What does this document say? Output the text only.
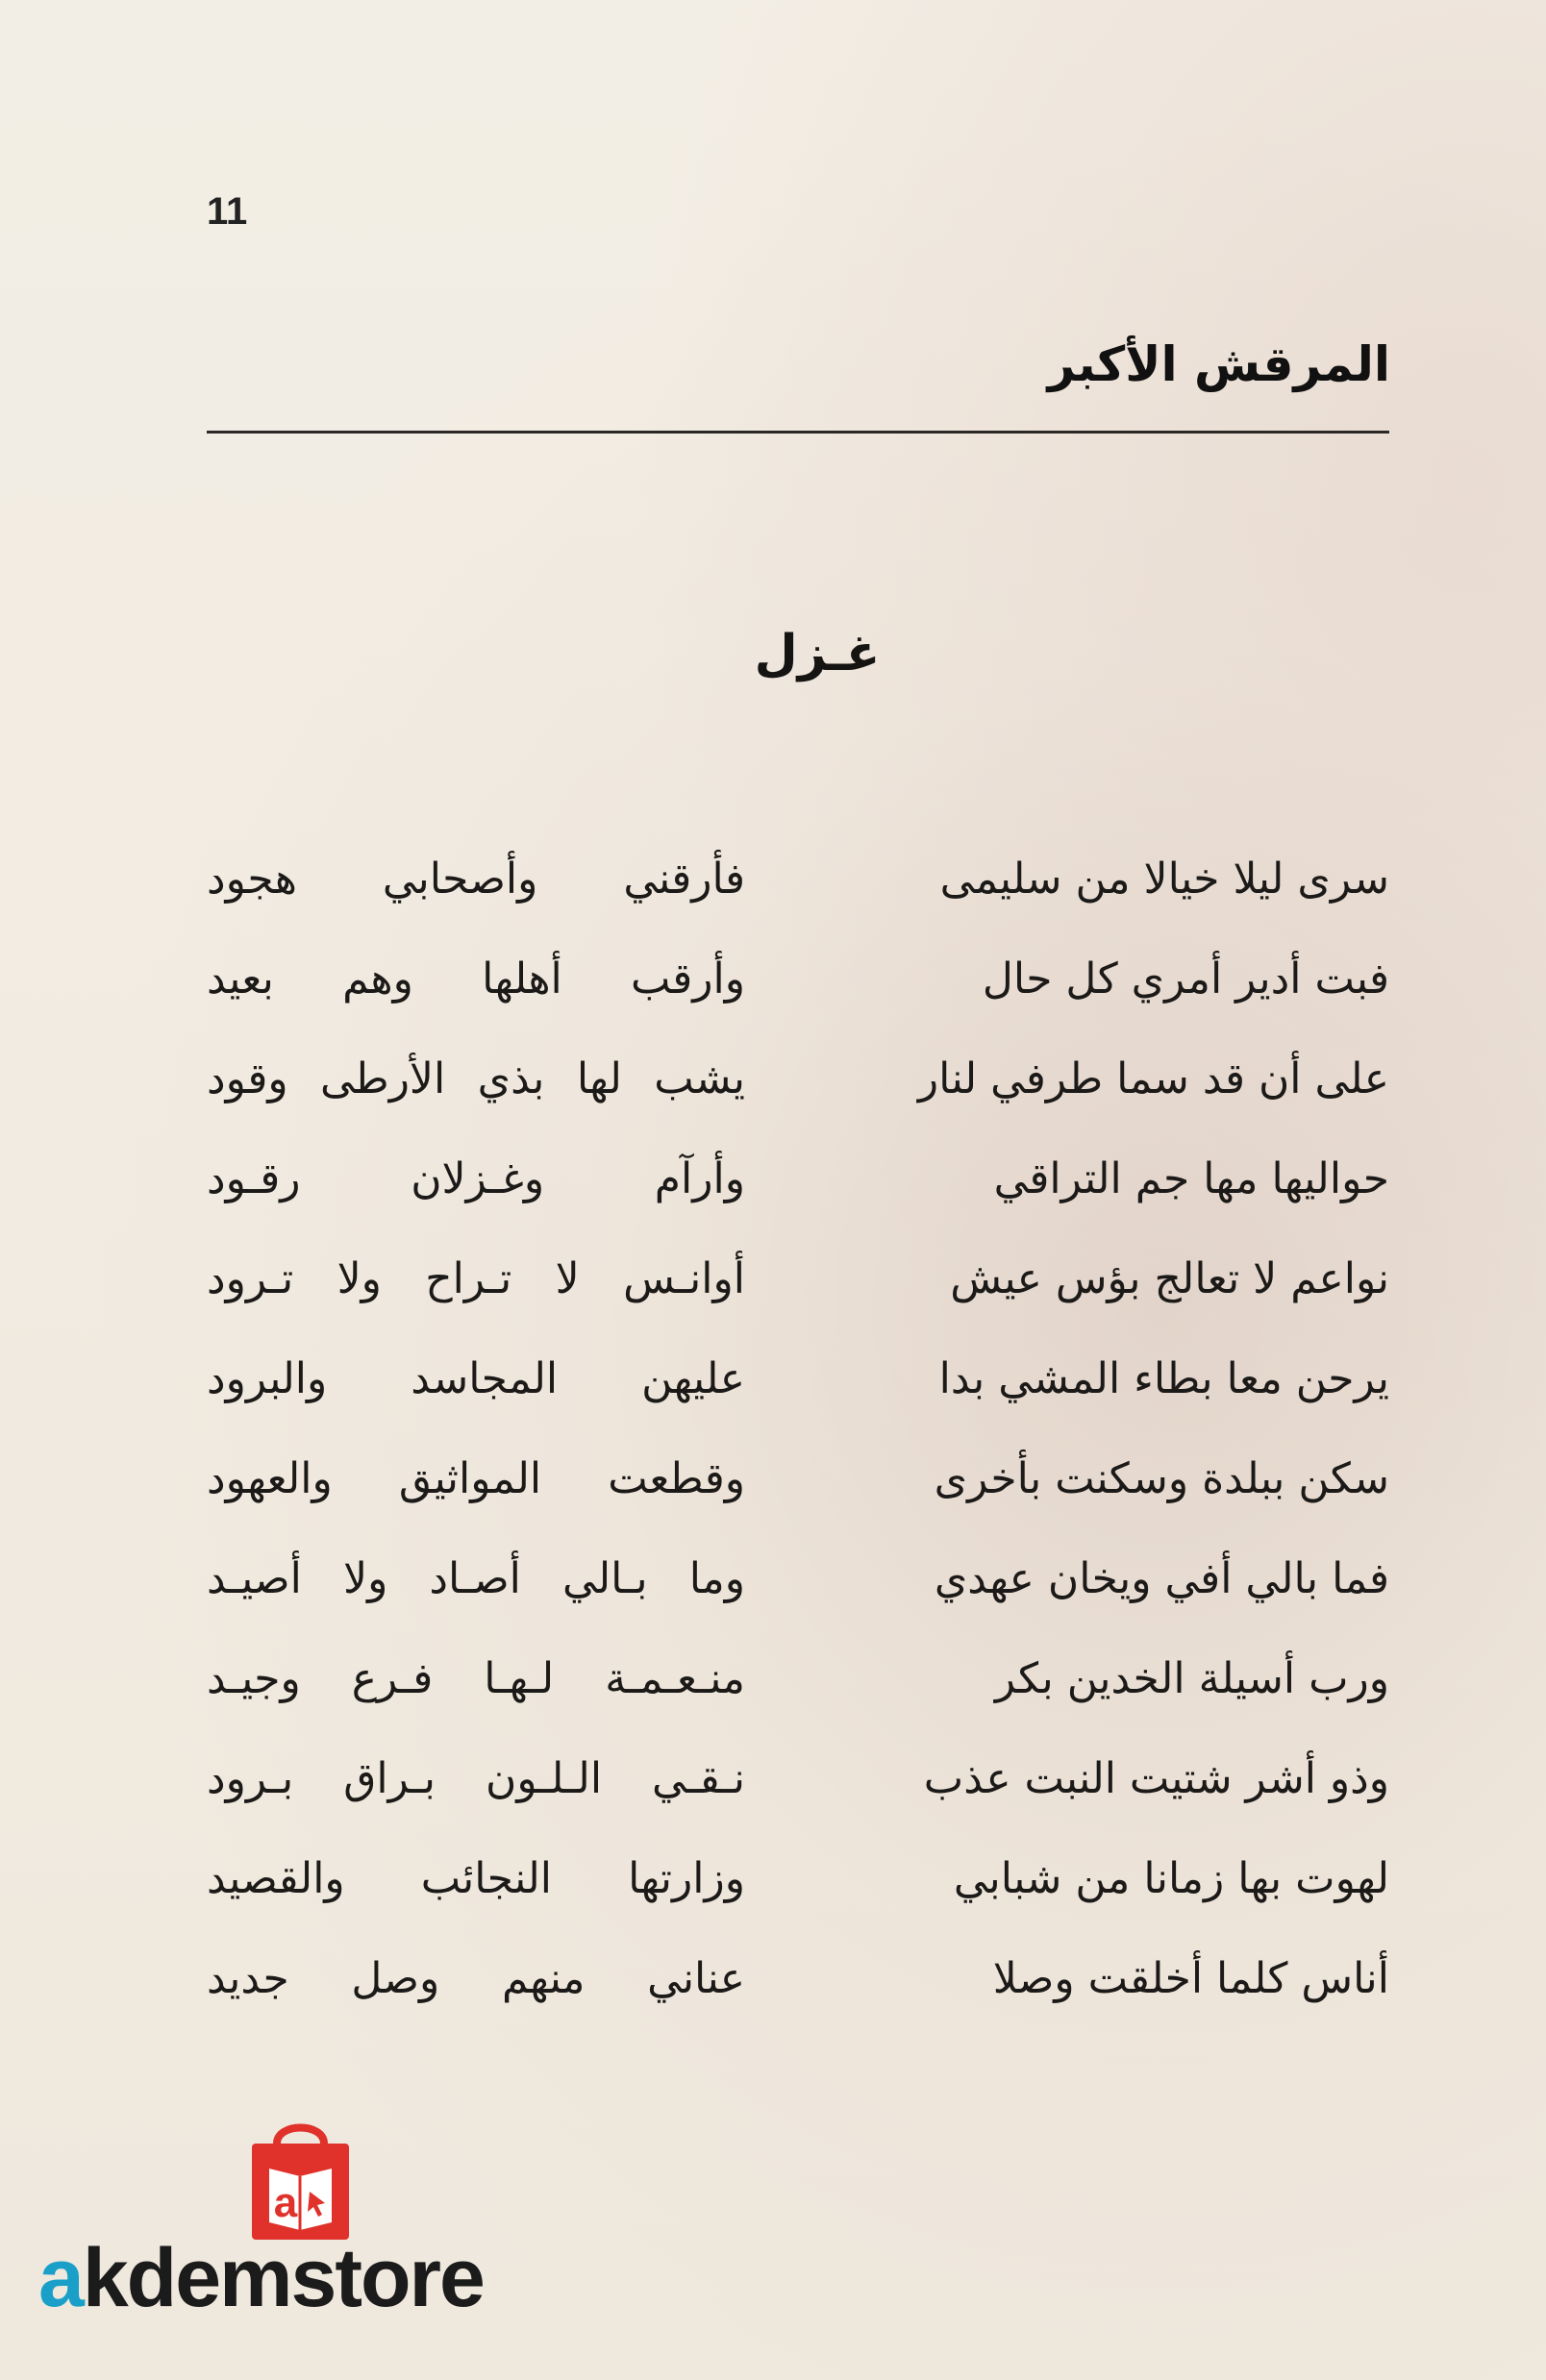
11
المرقش الأكبر
غـزل
سرى ليلا خيالا من سليمى
فأرقني وأصحابي هجود
فبت أدير أمري كل حال
وأرقب أهلها وهم بعيد
على أن قد سما طرفي لنار
يشب لها بذي الأرطى وقود
حواليها مها جم التراقي
وأرآم وغـزلان رقـود
نواعم لا تعالج بؤس عيش
أوانـس لا تـراح ولا تـرود
يرحن معا بطاء المشي بدا
عليهن المجاسد والبرود
سكن ببلدة وسكنت بأخرى
وقطعت المواثيق والعهود
فما بالي أفي ويخان عهدي
وما بـالي أصـاد ولا أصيـد
ورب أسيلة الخدين بكر
منـعـمـة لـهـا فـرع وجيـد
وذو أشر شتيت النبت عذب
نـقـي الـلـون بـراق بـرود
لهوت بها زمانا من شبابي
وزارتها النجائب والقصيد
أناس كلما أخلقت وصلا
عناني منهم وصل جديد
a
akdemstore
